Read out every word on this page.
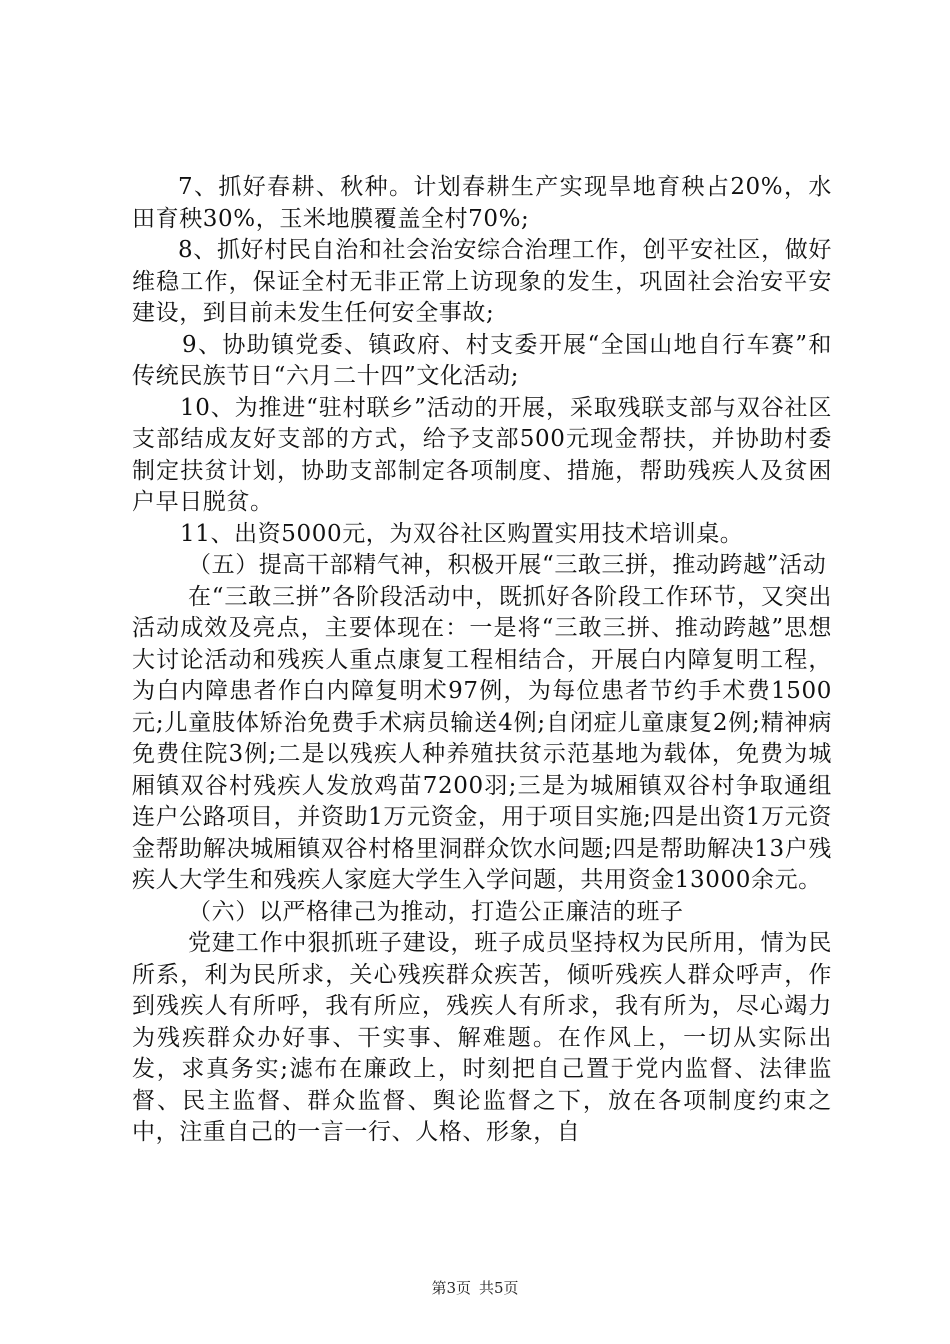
7、抓好春耕、秋种。计划春耕生产实现旱地育秧占20%，水田育秧30%，玉米地膜覆盖全村70%;

8、抓好村民自治和社会治安综合治理工作，创平安社区，做好维稳工作，保证全村无非正常上访现象的发生，巩固社会治安平安建设，到目前未发生任何安全事故;

9、协助镇党委、镇政府、村支委开展“全国山地自行车赛”和传统民族节日“六月二十四”文化活动;

10、为推进“驻村联乡”活动的开展，采取残联支部与双谷社区支部结成友好支部的方式，给予支部500元现金帮扶，并协助村委制定扶贫计划，协助支部制定各项制度、措施，帮助残疾人及贫困户早日脱贫。

11、出资5000元，为双谷社区购置实用技术培训桌。

（五）提高干部精气神，积极开展“三敢三拼，推动跨越”活动

在“三敢三拼”各阶段活动中，既抓好各阶段工作环节，又突出活动成效及亮点，主要体现在：一是将“三敢三拼、推动跨越”思想大讨论活动和残疾人重点康复工程相结合，开展白内障复明工程，为白内障患者作白内障复明术97例，为每位患者节约手术费1500元;儿童肢体矫治免费手术病员输送4例;自闭症儿童康复2例;精神病免费住院3例;二是以残疾人种养殖扶贫示范基地为载体，免费为城厢镇双谷村残疾人发放鸡苗7200羽;三是为城厢镇双谷村争取通组连户公路项目，并资助1万元资金，用于项目实施;四是出资1万元资金帮助解决城厢镇双谷村格里洞群众饮水问题;四是帮助解决13户残疾人大学生和残疾人家庭大学生入学问题，共用资金13000余元。

（六）以严格律己为推动，打造公正廉洁的班子

党建工作中狠抓班子建设，班子成员坚持权为民所用，情为民所系，利为民所求，关心残疾群众疾苦，倾听残疾人群众呼声，作到残疾人有所呼，我有所应，残疾人有所求，我有所为，尽心竭力为残疾群众办好事、干实事、解难题。在作风上，一切从实际出发，求真务实;滤布在廉政上，时刻把自己置于党内监督、法律监督、民主监督、群众监督、舆论监督之下，放在各项制度约束之中，注重自己的一言一行、人格、形象，自

第3页 共5页
